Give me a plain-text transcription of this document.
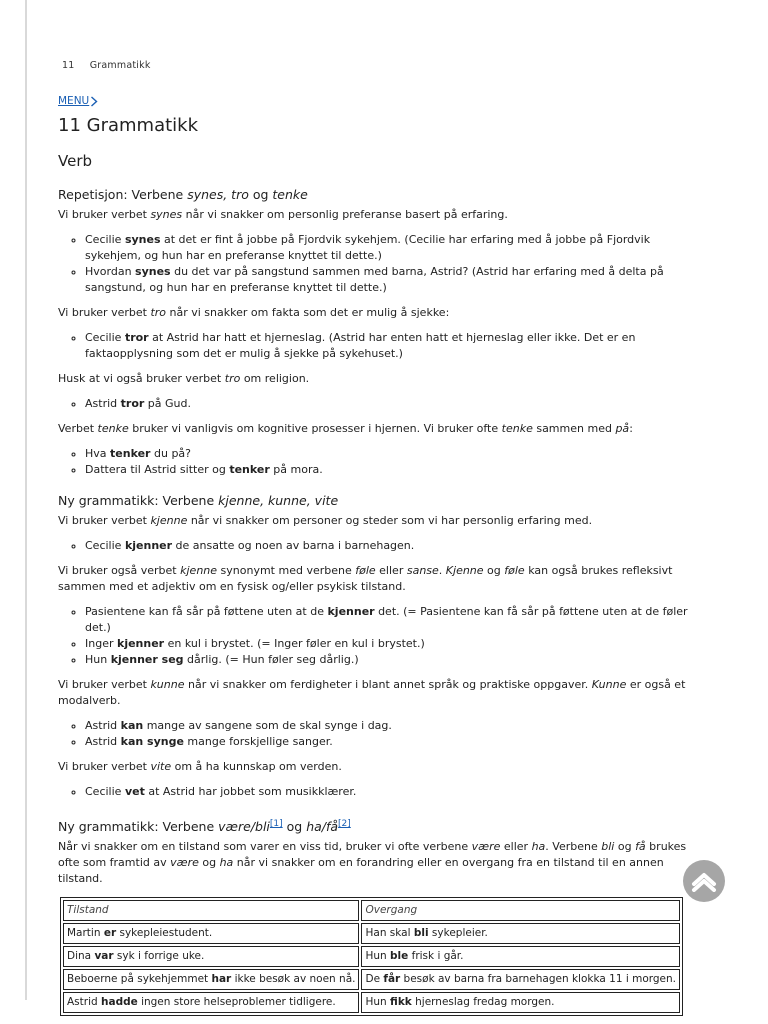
11 Grammatikk
MENU
11 Grammatikk
Verb
Repetisjon: Verbene synes, tro og tenke

Vi bruker verbet synes når vi snakker om personlig preferanse basert på erfaring.

◦ Cecilie synes at det er fint å jobbe på Fjordvik sykehjem. (Cecilie har erfaring med å jobbe på Fjordvik sykehjem, og hun har en preferanse knyttet til dette.)
◦ Hvordan synes du det var på sangstund sammen med barna, Astrid? (Astrid har erfaring med å delta på sangstund, og hun har en preferanse knyttet til dette.)

Vi bruker verbet tro når vi snakker om fakta som det er mulig å sjekke:

◦ Cecilie tror at Astrid har hatt et hjerneslag. (Astrid har enten hatt et hjerneslag eller ikke. Det er en faktaopplysning som det er mulig å sjekke på sykehuset.)

Husk at vi også bruker verbet tro om religion.

◦ Astrid tror på Gud.

Verbet tenke bruker vi vanligvis om kognitive prosesser i hjernen. Vi bruker ofte tenke sammen med på:

◦ Hva tenker du på?
◦ Dattera til Astrid sitter og tenker på mora.
Ny grammatikk: Verbene kjenne, kunne, vite

Vi bruker verbet kjenne når vi snakker om personer og steder som vi har personlig erfaring med.

◦ Cecilie kjenner de ansatte og noen av barna i barnehagen.

Vi bruker også verbet kjenne synonymt med verbene føle eller sanse. Kjenne og føle kan også brukes refleksivt sammen med et adjektiv om en fysisk og/eller psykisk tilstand.

◦ Pasientene kan få sår på føttene uten at de kjenner det. (= Pasientene kan få sår på føttene uten at de føler det.)
◦ Inger kjenner en kul i brystet. (= Inger føler en kul i brystet.)
◦ Hun kjenner seg dårlig. (= Hun føler seg dårlig.)

Vi bruker verbet kunne når vi snakker om ferdigheter i blant annet språk og praktiske oppgaver. Kunne er også et modalverb.

◦ Astrid kan mange av sangene som de skal synge i dag.
◦ Astrid kan synge mange forskjellige sanger.

Vi bruker verbet vite om å ha kunnskap om verden.

◦ Cecilie vet at Astrid har jobbet som musikklærer.
Ny grammatikk: Verbene være/bli[1] og ha/få[2]

Når vi snakker om en tilstand som varer en viss tid, bruker vi ofte verbene være eller ha. Verbene bli og få brukes ofte som framtid av være og ha når vi snakker om en forandring eller en overgang fra en tilstand til en annen tilstand.

Tilstand	Overgang
Martin er sykepleiestudent.	Han skal bli sykepleier.
Dina var syk i forrige uke.	Hun ble frisk i går.
Beboerne på sykehjemmet har ikke besøk av noen nå.	De får besøk av barna fra barnehagen klokka 11 i morgen.
Astrid hadde ingen store helseproblemer tidligere.	Hun fikk hjerneslag fredag morgen.
